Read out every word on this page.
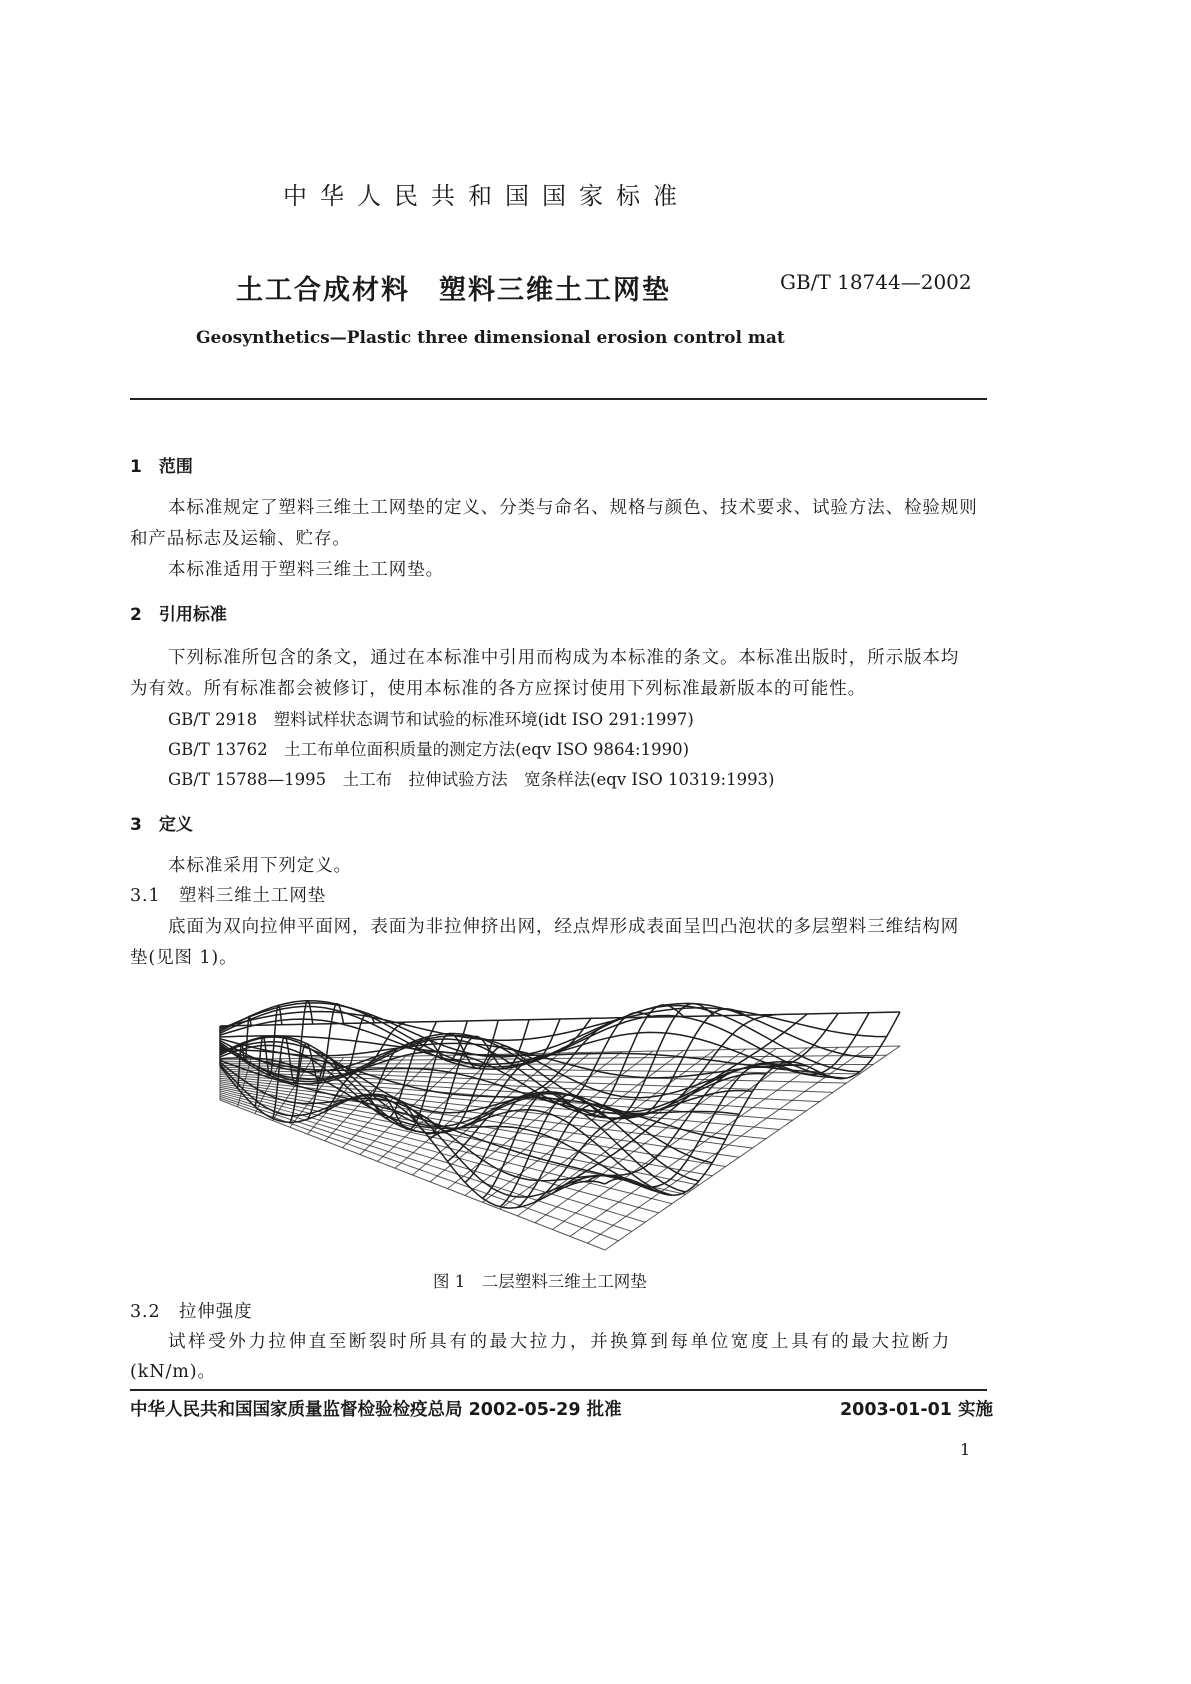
中华人民共和国国家标准
土工合成材料　塑料三维土工网垫	GB/T 18744—2002
Geosynthetics—Plastic three dimensional erosion control mat
1　范围
本标准规定了塑料三维土工网垫的定义、分类与命名、规格与颜色、技术要求、试验方法、检验规则
和产品标志及运输、贮存。
本标准适用于塑料三维土工网垫。
2　引用标准
下列标准所包含的条文，通过在本标准中引用而构成为本标准的条文。本标准出版时，所示版本均
为有效。所有标准都会被修订，使用本标准的各方应探讨使用下列标准最新版本的可能性。
GB/T 2918　塑料试样状态调节和试验的标准环境(idt ISO 291:1997)
GB/T 13762　土工布单位面积质量的测定方法(eqv ISO 9864:1990)
GB/T 15788—1995　土工布　拉伸试验方法　宽条样法(eqv ISO 10319:1993)
3　定义
本标准采用下列定义。
3.1　塑料三维土工网垫
底面为双向拉伸平面网，表面为非拉伸挤出网，经点焊形成表面呈凹凸泡状的多层塑料三维结构网
垫(见图 1)。
图 1　二层塑料三维土工网垫
3.2　拉伸强度
试样受外力拉伸直至断裂时所具有的最大拉力，并换算到每单位宽度上具有的最大拉断力
(kN/m)。
中华人民共和国国家质量监督检验检疫总局 2002-05-29 批准	2003-01-01 实施
1
